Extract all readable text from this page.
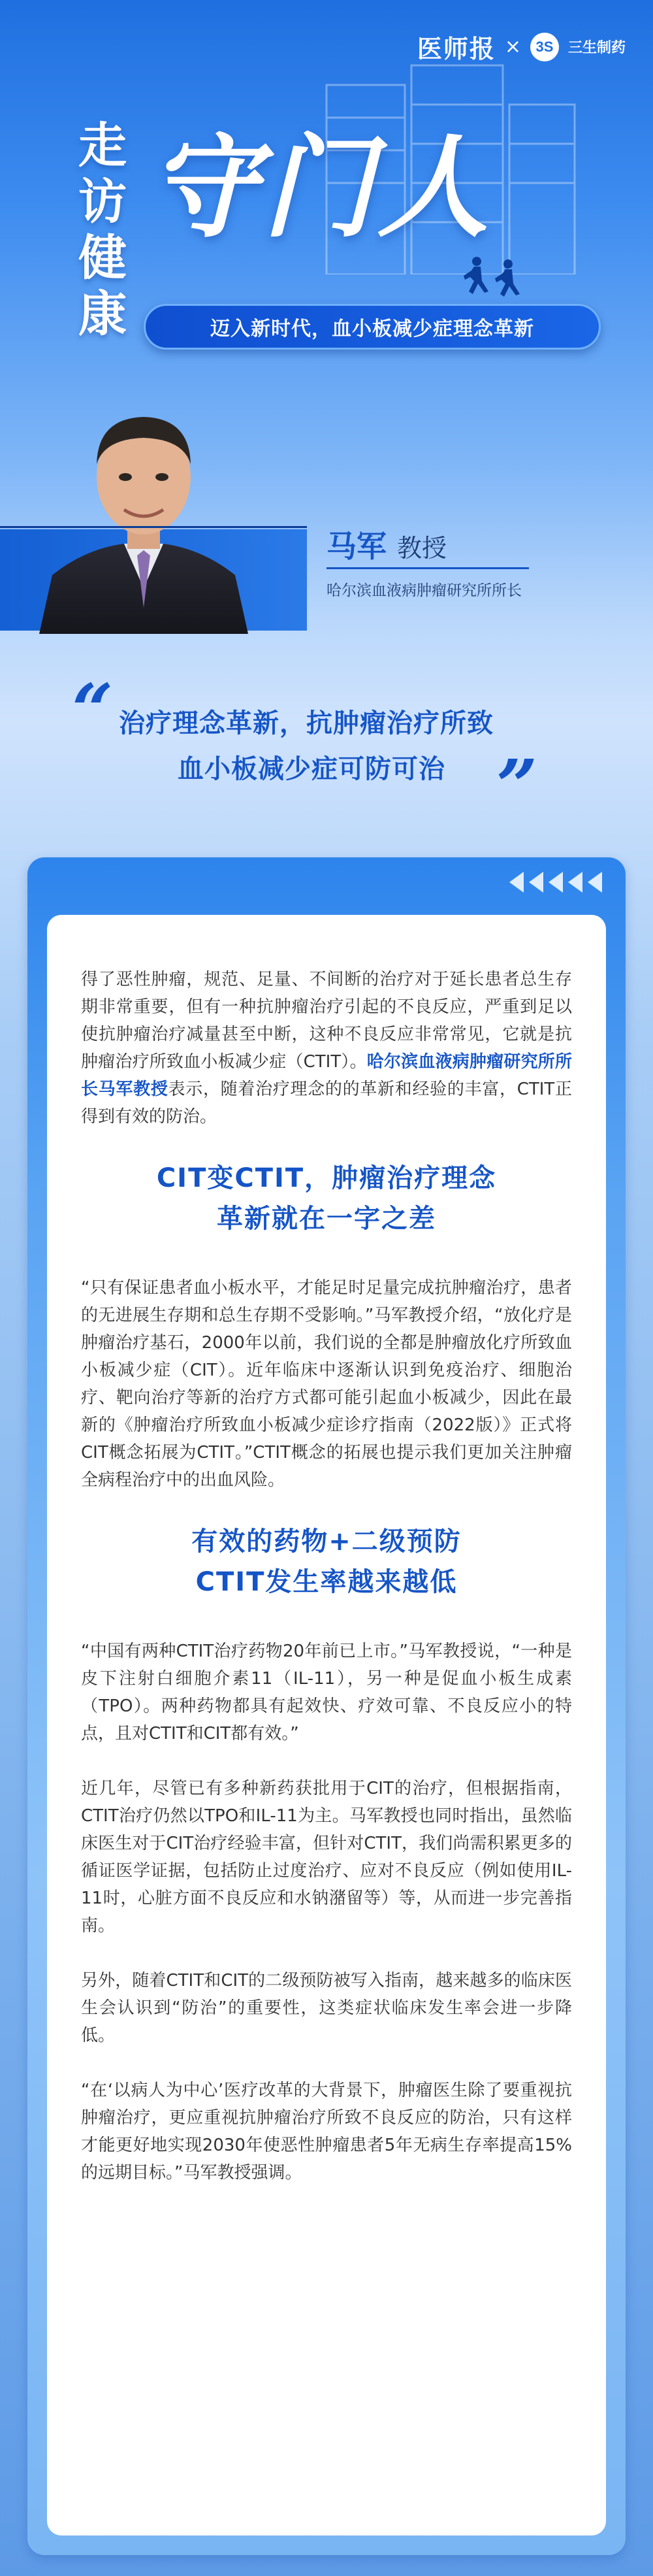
医师报 ×	3S	三生制药
走
访
健
康
守门人
迈入新时代，血小板减少症理念革新
马军 教授
哈尔滨血液病肿瘤研究所所长
“ 治疗理念革新，抗肿瘤治疗所致
血小板减少症可防可治 ”

得了恶性肿瘤，规范、足量、不间断的治疗对于延长患者总生存期非常重要，但有一种抗肿瘤治疗引起的不良反应，严重到足以使抗肿瘤治疗减量甚至中断，这种不良反应非常常见，它就是抗肿瘤治疗所致血小板减少症（CTIT）。哈尔滨血液病肿瘤研究所所长马军教授表示，随着治疗理念的的革新和经验的丰富，CTIT正得到有效的防治。

CIT变CTIT，肿瘤治疗理念
革新就在一字之差

“只有保证患者血小板水平，才能足时足量完成抗肿瘤治疗，患者的无进展生存期和总生存期不受影响。”马军教授介绍，“放化疗是肿瘤治疗基石，2000年以前，我们说的全都是肿瘤放化疗所致血小板减少症（CIT）。近年临床中逐渐认识到免疫治疗、细胞治疗、靶向治疗等新的治疗方式都可能引起血小板减少，因此在最新的《肿瘤治疗所致血小板减少症诊疗指南（2022版）》正式将CIT概念拓展为CTIT。”CTIT概念的拓展也提示我们更加关注肿瘤全病程治疗中的出血风险。

有效的药物+二级预防
CTIT发生率越来越低

“中国有两种CTIT治疗药物20年前已上市。”马军教授说，“一种是皮下注射白细胞介素11（IL-11），另一种是促血小板生成素（TPO）。两种药物都具有起效快、疗效可靠、不良反应小的特点，且对CTIT和CIT都有效。”

近几年，尽管已有多种新药获批用于CIT的治疗，但根据指南，CTIT治疗仍然以TPO和IL-11为主。马军教授也同时指出，虽然临床医生对于CIT治疗经验丰富，但针对CTIT，我们尚需积累更多的循证医学证据，包括防止过度治疗、应对不良反应（例如使用IL-11时，心脏方面不良反应和水钠潴留等）等，从而进一步完善指南。

另外，随着CTIT和CIT的二级预防被写入指南，越来越多的临床医生会认识到“防治”的重要性，这类症状临床发生率会进一步降低。

“在‘以病人为中心’医疗改革的大背景下，肿瘤医生除了要重视抗肿瘤治疗，更应重视抗肿瘤治疗所致不良反应的防治，只有这样才能更好地实现2030年使恶性肿瘤患者5年无病生存率提高15%的远期目标。”马军教授强调。
